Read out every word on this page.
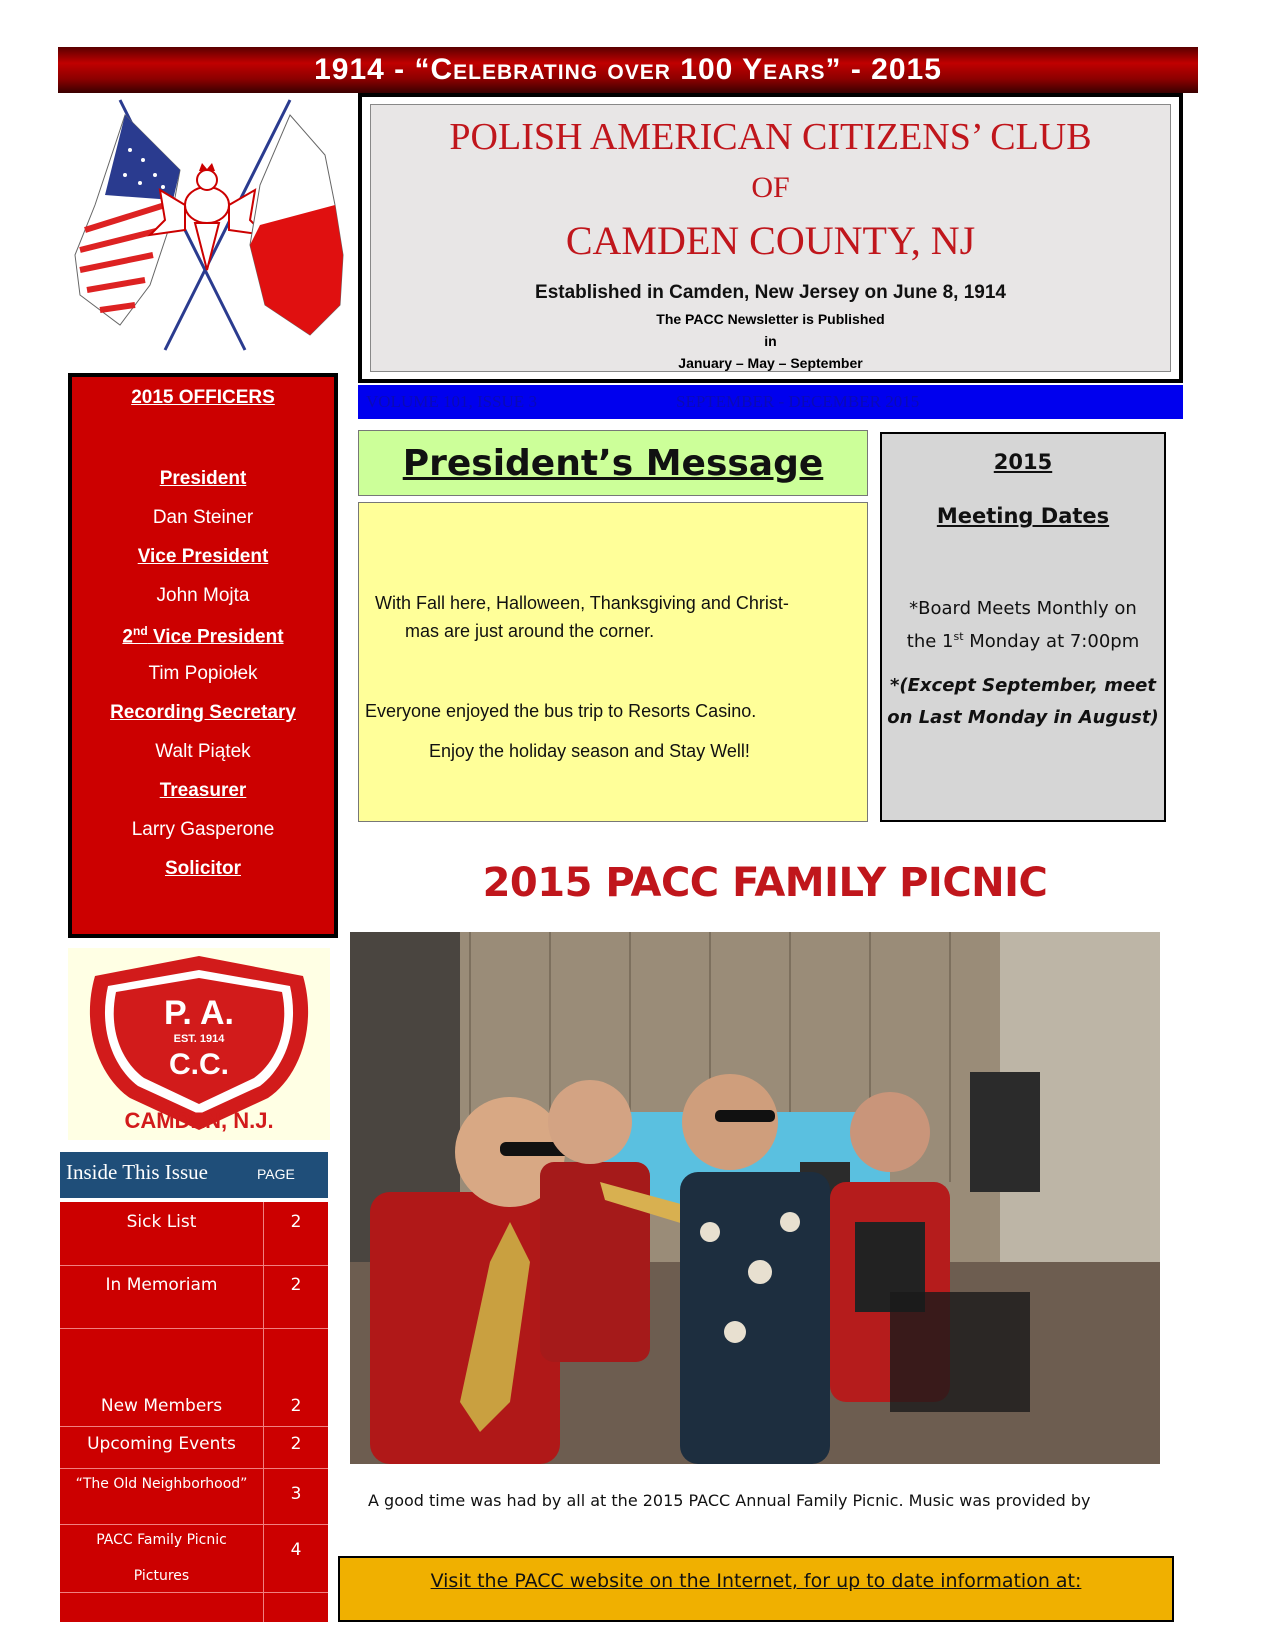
1914 - “Celebrating over 100 Years” - 2015
POLISH AMERICAN CITIZENS’ CLUB
OF
CAMDEN COUNTY, NJ
Established in Camden, New Jersey on June 8, 1914
The PACC Newsletter is Published
in
January – May – September
VOLUME 101, ISSUE 3	SEPTEMBER - DECEMBER 2015
2015 OFFICERS
President
Dan Steiner
Vice President
John Mojta
2nd Vice President
Tim Popiołek
Recording Secretary
Walt Piątek
Treasurer
Larry Gasperone
Solicitor
President’s Message

With Fall here, Halloween, Thanksgiving and Christ-

mas are just around the corner.

Everyone enjoyed the bus trip to Resorts Casino.

Enjoy the holiday season and Stay Well!

2015
Meeting Dates
*Board Meets Monthly on
the 1st Monday at 7:00pm
*(Except September, meet
on Last Monday in August)
2015 PACC FAMILY PICNIC
A good time was had by all at the 2015 PACC Annual Family Picnic. Music was provided by
Visit the PACC website on the Internet, for up to date information at:
P. A.
EST. 1914
C.C.
CAMDEN, N.J.
Inside This Issue	PAGE
Sick List	2
In Memoriam	2
New Members	2
Upcoming Events	2
“The Old Neighborhood”	3
PACC Family Picnic
Pictures
4
